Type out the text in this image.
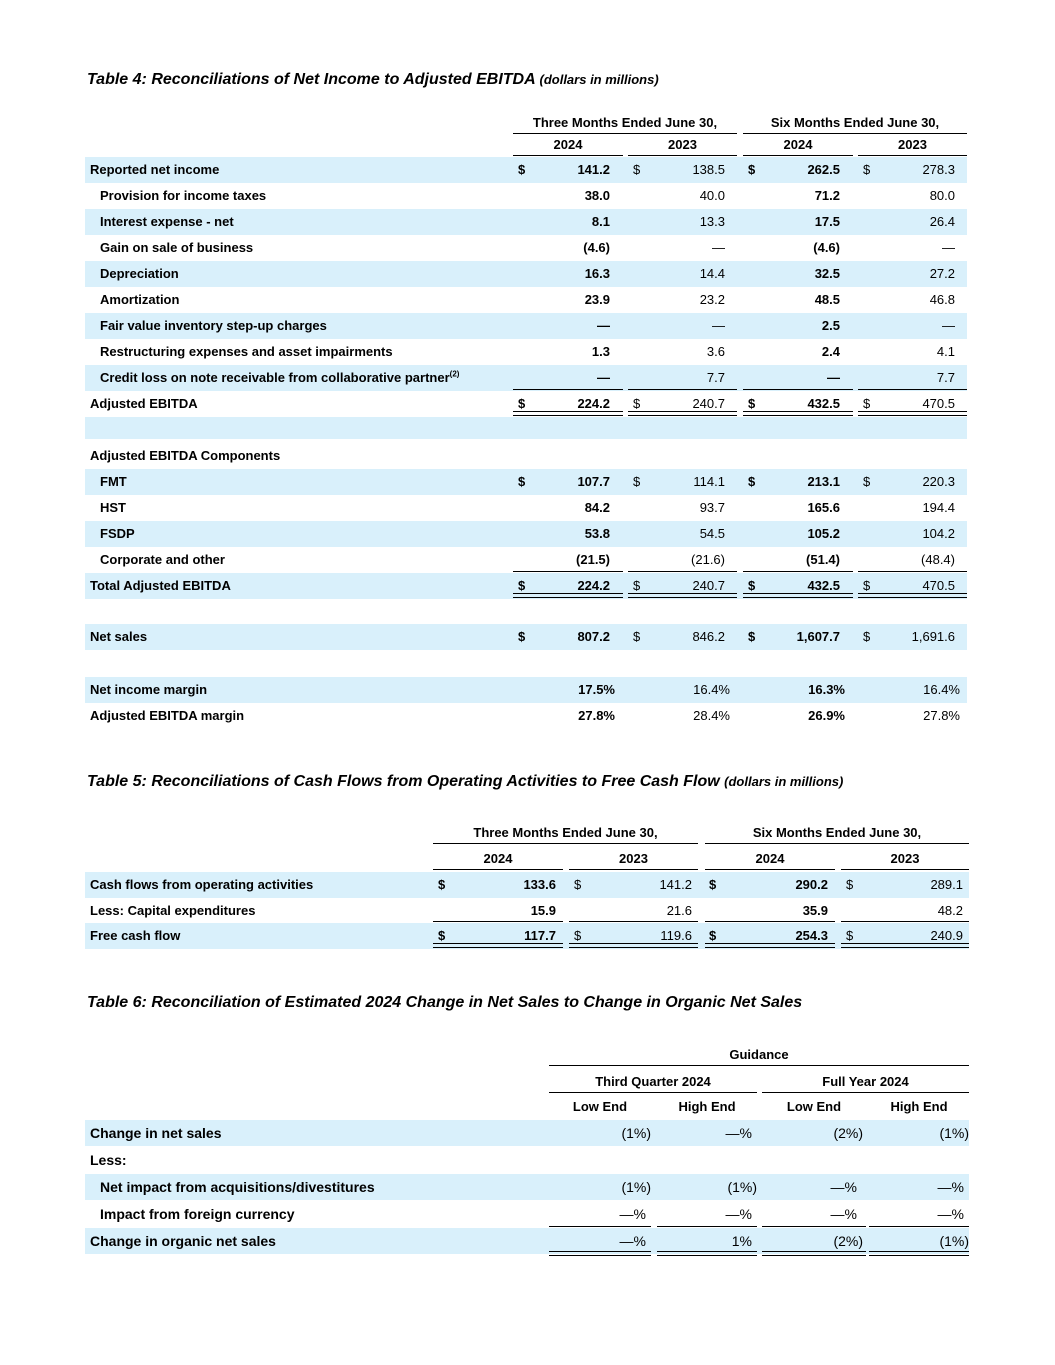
Table 4: Reconciliations of Net Income to Adjusted EBITDA (dollars in millions)
Three Months Ended June 30,	Six Months Ended June 30,
2024	2023	2024	2023
Reported net income	$	141.2 $	138.5 $	262.5 $	278.3
Provision for income taxes	38.0	40.0	71.2	80.0
Interest expense - net	8.1	13.3	17.5	26.4
Gain on sale of business	(4.6)	—	(4.6)	—
Depreciation	16.3	14.4	32.5	27.2
Amortization	23.9	23.2	48.5	46.8
Fair value inventory step-up charges	—	—	2.5	—
Restructuring expenses and asset impairments	1.3	3.6	2.4	4.1
Credit loss on note receivable from collaborative partner$^{(2)}$	—	7.7	—	7.7
Adjusted EBITDA	$	224.2 $	240.7 $	432.5 $	470.5
Adjusted EBITDA Components
FMT	$	107.7 $	114.1 $	213.1 $	220.3
HST	84.2	93.7	165.6	194.4
FSDP	53.8	54.5	105.2	104.2
Corporate and other	(21.5)	(21.6)	(51.4)	(48.4)
Total Adjusted EBITDA	$	224.2 $	240.7 $	432.5 $	470.5
Net sales	$	807.2 $	846.2 $	1,607.7 $	1,691.6
Net income margin	17.5%	16.4%	16.3%	16.4%
Adjusted EBITDA margin	27.8%	28.4%	26.9%	27.8%
Table 5: Reconciliations of Cash Flows from Operating Activities to Free Cash Flow (dollars in millions)
Three Months Ended June 30,	Six Months Ended June 30,
2024	2023	2024	2023
Cash flows from operating activities	$	133.6 $	141.2 $	290.2 $	289.1
Less: Capital expenditures	15.9	21.6	35.9	48.2
Free cash flow	$	117.7 $	119.6 $	254.3 $	240.9
Table 6: Reconciliation of Estimated 2024 Change in Net Sales to Change in Organic Net Sales
Guidance
Third Quarter 2024	Full Year 2024
Low End	High End	Low End	High End
Change in net sales	(1%)	—%	(2%)	(1%)
Less:
Net impact from acquisitions/divestitures	(1%)	(1%)	—%	—%
Impact from foreign currency	—%	—%	—%	—%
Change in organic net sales	—%	1%	(2%)	(1%)
